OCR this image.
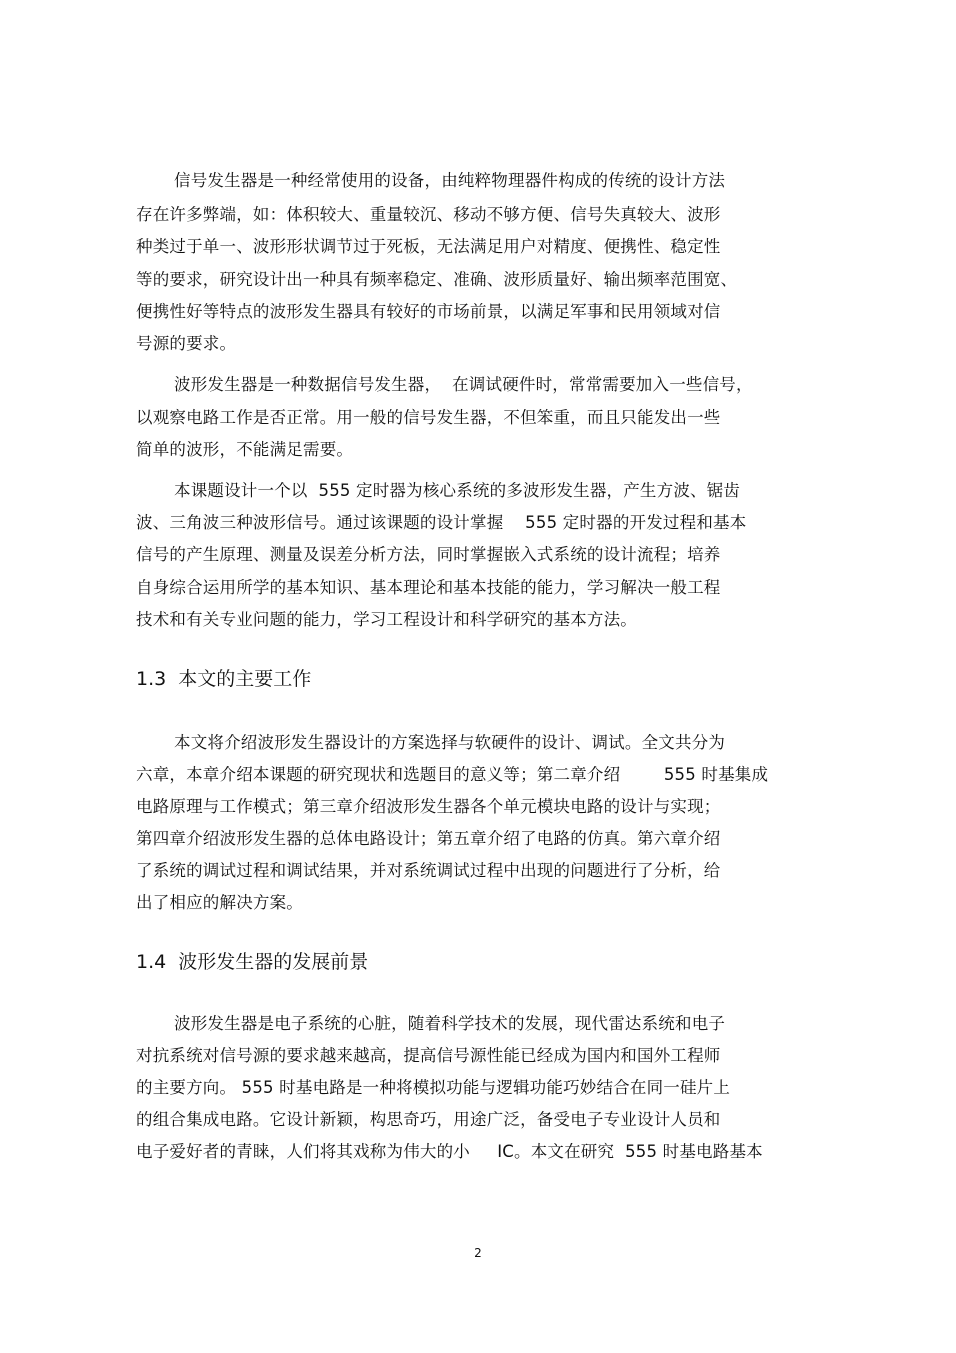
信号发生器是一种经常使用的设备，由纯粹物理器件构成的传统的设计方法
存在许多弊端，如：体积较大、重量较沉、移动不够方便、信号失真较大、波形
种类过于单一、波形形状调节过于死板，无法满足用户对精度、便携性、稳定性
等的要求，研究设计出一种具有频率稳定、准确、波形质量好、输出频率范围宽、
便携性好等特点的波形发生器具有较好的市场前景，以满足军事和民用领域对信
号源的要求。
波形发生器是一种数据信号发生器，  在调试硬件时，常常需要加入一些信号，
以观察电路工作是否正常。用一般的信号发生器，不但笨重，而且只能发出一些
简单的波形，不能满足需要。
本课题设计一个以  555 定时器为核心系统的多波形发生器，产生方波、锯齿
波、三角波三种波形信号。通过该课题的设计掌握    555 定时器的开发过程和基本
信号的产生原理、测量及误差分析方法，同时掌握嵌入式系统的设计流程；培养
自身综合运用所学的基本知识、基本理论和基本技能的能力，学习解决一般工程
技术和有关专业问题的能力，学习工程设计和科学研究的基本方法。
1.3  本文的主要工作
本文将介绍波形发生器设计的方案选择与软硬件的设计、调试。全文共分为
六章，本章介绍本课题的研究现状和选题目的意义等；第二章介绍        555 时基集成
电路原理与工作模式；第三章介绍波形发生器各个单元模块电路的设计与实现；
第四章介绍波形发生器的总体电路设计；第五章介绍了电路的仿真。第六章介绍
了系统的调试过程和调试结果，并对系统调试过程中出现的问题进行了分析，给
出了相应的解决方案。
1.4  波形发生器的发展前景
波形发生器是电子系统的心脏，随着科学技术的发展，现代雷达系统和电子
对抗系统对信号源的要求越来越高，提高信号源性能已经成为国内和国外工程师
的主要方向。 555 时基电路是一种将模拟功能与逻辑功能巧妙结合在同一硅片上
的组合集成电路。它设计新颖，构思奇巧，用途广泛，备受电子专业设计人员和
电子爱好者的青睐，人们将其戏称为伟大的小     IC。本文在研究  555 时基电路基本
2
